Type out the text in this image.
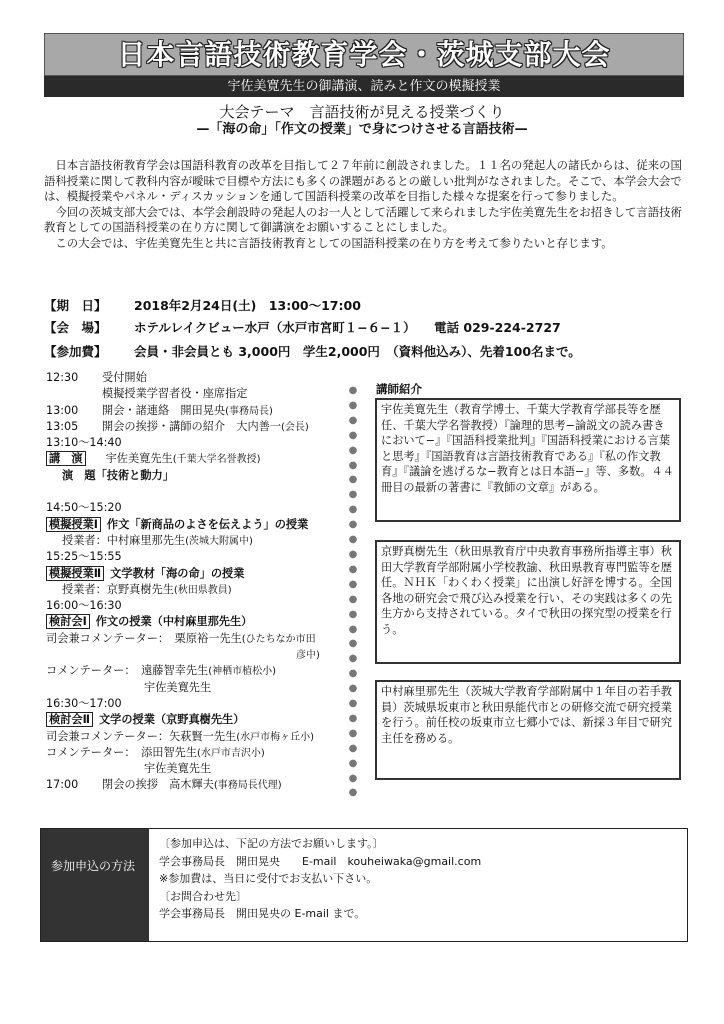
日本言語技術教育学会・茨城支部大会
宇佐美寛先生の御講演、読みと作文の模擬授業
大会テーマ　言語技術が見える授業づくり
—「海の命」「作文の授業」で身につけさせる言語技術—

　日本言語技術教育学会は国語科教育の改革を目指して２７年前に創設されました。１１名の発起人の諸氏からは、従来の国語科授業に関して教科内容が曖昧で目標や方法にも多くの課題があるとの厳しい批判がなされました。そこで、本学会大会では、模擬授業やパネル・ディスカッションを通して国語科授業の改革を目指した様々な提案を行って参りました。

　今回の茨城支部大会では、本学会創設時の発起人のお一人として活躍して来られました宇佐美寛先生をお招きして言語技術教育としての国語科授業の在り方に関して御講演をお願いすることにしました。

　この大会では、宇佐美寛先生と共に言語技術教育としての国語科授業の在り方を考えて参りたいと存じます。

【期　日】 2018年2月24日(土)　13:00～17:00
【会　場】 ホテルレイクビュー水戸（水戸市宮町１−６−１） 電話 029-224-2727
【参加費】 会員・非会員とも 3,000円　学生2,000円　（資料他込み）、先着100名まで。
12:30 受付開始
模擬授業学習者役・座席指定
13:00 開会・諸連絡　開田晃央(事務局長)
13:05 開会の挨拶・講師の紹介　大内善一(会長)
13:10～14:40
講　演 宇佐美寛先生(千葉大学名誉教授)
演　題「技術と動力」
14:50～15:20
模擬授業Ⅰ 作文「新商品のよさを伝えよう」の授業
授業者：中村麻里那先生(茨城大附属中)
15:25～15:55
模擬授業Ⅱ 文学教材「海の命」の授業
授業者：京野真樹先生(秋田県教員)
16:00～16:30
検討会Ⅰ 作文の授業（中村麻里那先生）
司会兼コメンテーター：　栗原裕一先生(ひたちなか市田
彦中)
コメンテーター：　遠藤智幸先生(神栖市植松小)
宇佐美寛先生
16:30～17:00
検討会Ⅱ 文学の授業（京野真樹先生）
司会兼コメンテーター：矢萩賢一先生(水戸市梅ヶ丘小)
コメンテーター：　添田智先生(水戸市吉沢小)
宇佐美寛先生
17:00 閉会の挨拶　高木輝夫(事務局長代理)
●
●
●
●
●
●
●
●
●
●
●
●
●
●
●
●
●
●
●
●
●
●
●
●
●
●
●
●
講師紹介
宇佐美寛先生（教育学博士、千葉大学教育学部長等を歴任、千葉大学名誉教授）『論理的思考−論説文の読み書きにおいて−』『国語科授業批判』『国語科授業における言葉と思考』『国語教育は言語技術教育である』『私の作文教育』『議論を逃げるな−教育とは日本語−』等、多数。４４冊目の最新の著書に『教師の文章』がある。
京野真樹先生（秋田県教育庁中央教育事務所指導主事）秋田大学教育学部附属小学校教諭、秋田県教育専門監等を歴任。ＮＨＫ「わくわく授業」に出演し好評を博する。全国各地の研究会で飛び込み授業を行い、その実践は多くの先生方から支持されている。タイで秋田の探究型の授業を行う。
中村麻里那先生（茨城大学教育学部附属中１年目の若手教員）茨城県坂東市と秋田県能代市との研修交流で研究授業を行う。前任校の坂東市立七郷小では、新採３年目で研究主任を務める。
参加申込の方法
〔参加申込は、下記の方法でお願いします。〕
学会事務局長　開田晃央　　E-mail　kouheiwaka@gmail.com
※参加費は、当日に受付でお支払い下さい。
〔お問合わせ先〕
学会事務局長　開田晃央の E-mail まで。
